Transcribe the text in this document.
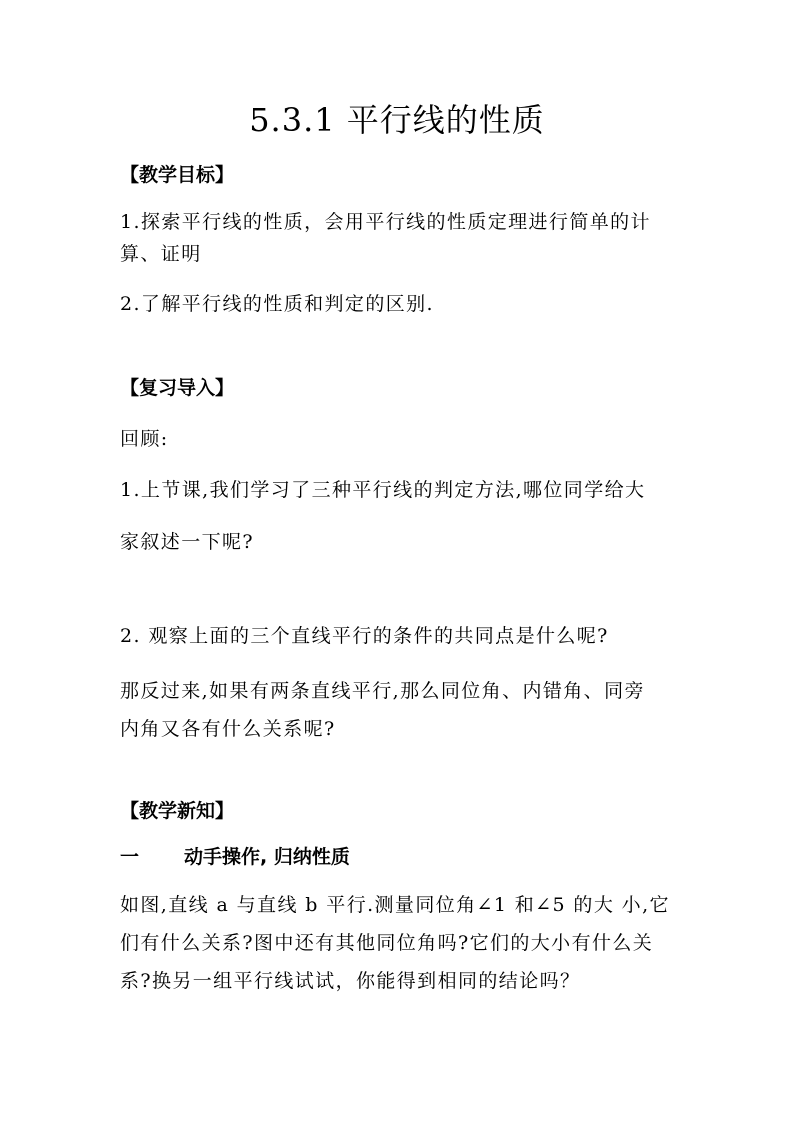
5.3.1 平行线的性质
【教学目标】
1.探索平行线的性质，会用平行线的性质定理进行简单的计
算、证明
2.了解平行线的性质和判定的区别.
【复习导入】
回顾:
1.上节课,我们学习了三种平行线的判定方法,哪位同学给大
家叙述一下呢?
2. 观察上面的三个直线平行的条件的共同点是什么呢?
那反过来,如果有两条直线平行,那么同位角、内错角、同旁
内角又各有什么关系呢?
【教学新知】
一 动手操作, 归纳性质
如图,直线 a 与直线 b 平行.测量同位角∠1 和∠5 的大 小,它
们有什么关系?图中还有其他同位角吗?它们的大小有什么关
系?换另一组平行线试试，你能得到相同的结论吗？
